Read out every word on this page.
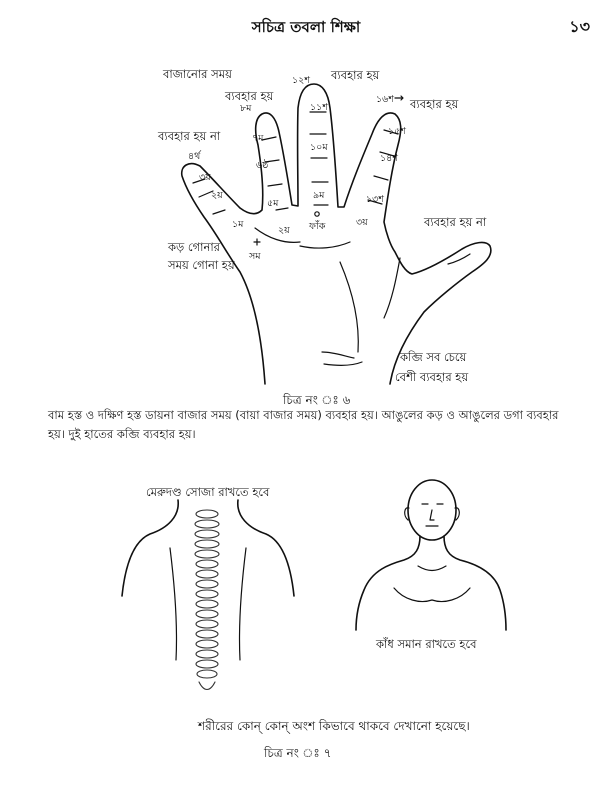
সচিত্র তবলা শিক্ষা	১৩
বাজানোর সময়
ব্যবহার হয়
ব্যবহার হয়
ব্যবহার হয়
ব্যবহার হয় না
ব্যবহার হয় না
কড় গোনার
সময় গোনা হয়
কব্জি সব চেয়ে
বেশী ব্যবহার হয়
৪র্থ
৩য়
২য়
১ম
সম
৮ম
৭ম
৬ষ্ঠ
৫ম
২য়
১২শ
১১শ
১০ম
৯ম
ফাঁক
১৬শ
১৫শ
১৪শ
১৩শ
৩য়
চিত্র নং ঃ ৬
বাম হস্ত ও দক্ষিণ হস্ত ডায়না বাজার সময় (বায়া বাজার সময়) ব্যবহার হয়। আঙুলের কড় ও আঙুলের ডগা ব্যবহার হয়। দুই হাতের কব্জি ব্যবহার হয়।
মেরুদণ্ড সোজা রাখতে হবে
কাঁধ সমান রাখতে হবে
শরীরের কোন্ কোন্ অংশ কিভাবে থাকবে দেখানো হয়েছে।
চিত্র নং ঃ ৭
